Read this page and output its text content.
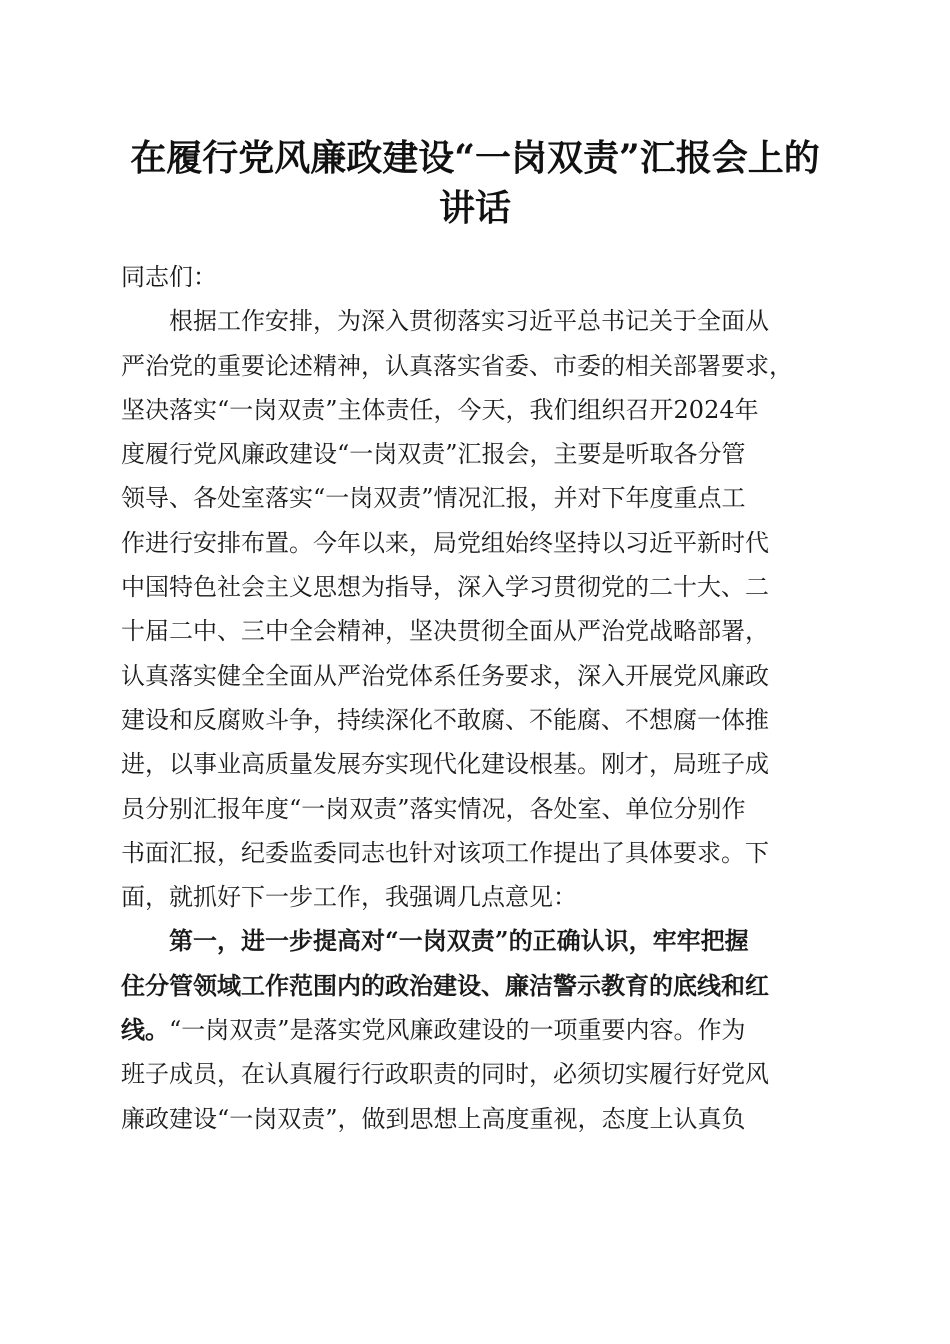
在履行党风廉政建设“一岗双责”汇报会上的
讲话
同志们：
根据工作安排，为深入贯彻落实习近平总书记关于全面从
严治党的重要论述精神，认真落实省委、市委的相关部署要求，
坚决落实“一岗双责”主体责任，今天，我们组织召开2024年
度履行党风廉政建设“一岗双责”汇报会，主要是听取各分管
领导、各处室落实“一岗双责”情况汇报，并对下年度重点工
作进行安排布置。今年以来，局党组始终坚持以习近平新时代
中国特色社会主义思想为指导，深入学习贯彻党的二十大、二
十届二中、三中全会精神，坚决贯彻全面从严治党战略部署，
认真落实健全全面从严治党体系任务要求，深入开展党风廉政
建设和反腐败斗争，持续深化不敢腐、不能腐、不想腐一体推
进，以事业高质量发展夯实现代化建设根基。刚才，局班子成
员分别汇报年度“一岗双责”落实情况，各处室、单位分别作
书面汇报，纪委监委同志也针对该项工作提出了具体要求。下
面，就抓好下一步工作，我强调几点意见：
第一，进一步提高对“一岗双责”的正确认识，牢牢把握
住分管领域工作范围内的政治建设、廉洁警示教育的底线和红
线。“一岗双责”是落实党风廉政建设的一项重要内容。作为
班子成员，在认真履行行政职责的同时，必须切实履行好党风
廉政建设“一岗双责”，做到思想上高度重视，态度上认真负
